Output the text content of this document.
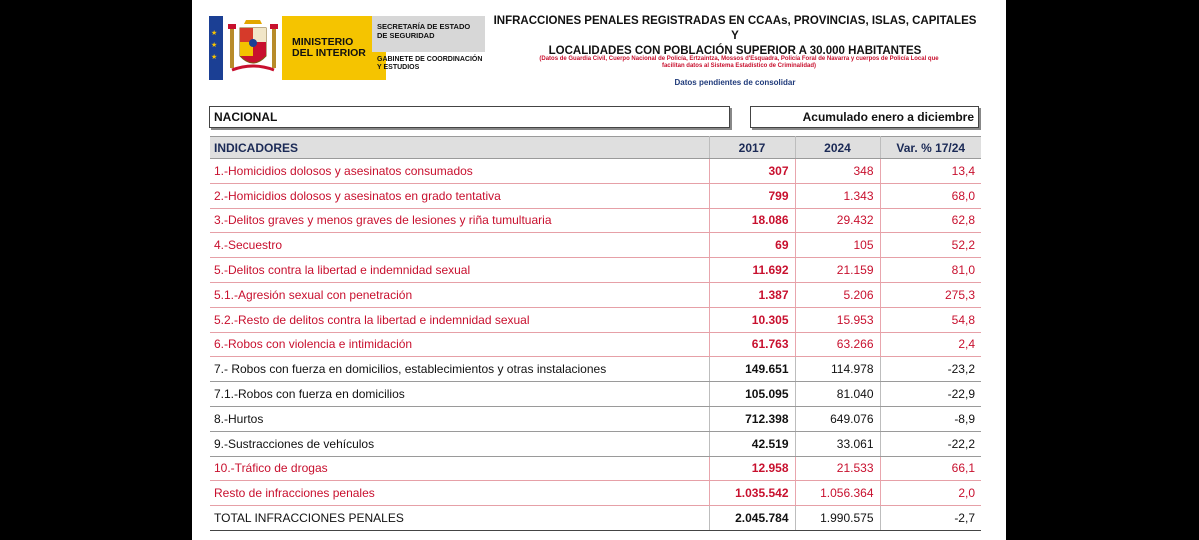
★
★
★
MINISTERIO
DEL INTERIOR
SECRETARÍA DE ESTADO
DE SEGURIDAD
GABINETE DE COORDINACIÓN
Y ESTUDIOS
INFRACCIONES PENALES REGISTRADAS EN CCAAs, PROVINCIAS, ISLAS, CAPITALES Y
LOCALIDADES CON POBLACIÓN SUPERIOR A 30.000 HABITANTES
(Datos de Guardia Civil, Cuerpo Nacional de Policía, Ertzaintza, Mossos d'Esquadra, Policía Foral de Navarra y cuerpos de Policía Local que
facilitan datos al Sistema Estadístico de Criminalidad)
Datos pendientes de consolidar
NACIONAL	Acumulado enero a diciembre
INDICADORES	2017	2024	Var. % 17/24
1.-Homicidios dolosos y asesinatos consumados	307	348	13,4
2.-Homicidios dolosos y asesinatos en grado tentativa	799	1.343	68,0
3.-Delitos graves y menos graves de lesiones y riña tumultuaria	18.086	29.432	62,8
4.-Secuestro	69	105	52,2
5.-Delitos contra la libertad e indemnidad sexual	11.692	21.159	81,0
5.1.-Agresión sexual con penetración	1.387	5.206	275,3
5.2.-Resto de delitos contra la libertad e indemnidad sexual	10.305	15.953	54,8
6.-Robos con violencia e intimidación	61.763	63.266	2,4
7.- Robos con fuerza en domicilios, establecimientos y otras instalaciones	149.651	114.978	-23,2
7.1.-Robos con fuerza en domicilios	105.095	81.040	-22,9
8.-Hurtos	712.398	649.076	-8,9
9.-Sustracciones de vehículos	42.519	33.061	-22,2
10.-Tráfico de drogas	12.958	21.533	66,1
Resto de infracciones penales	1.035.542	1.056.364	2,0
TOTAL INFRACCIONES PENALES	2.045.784	1.990.575	-2,7
